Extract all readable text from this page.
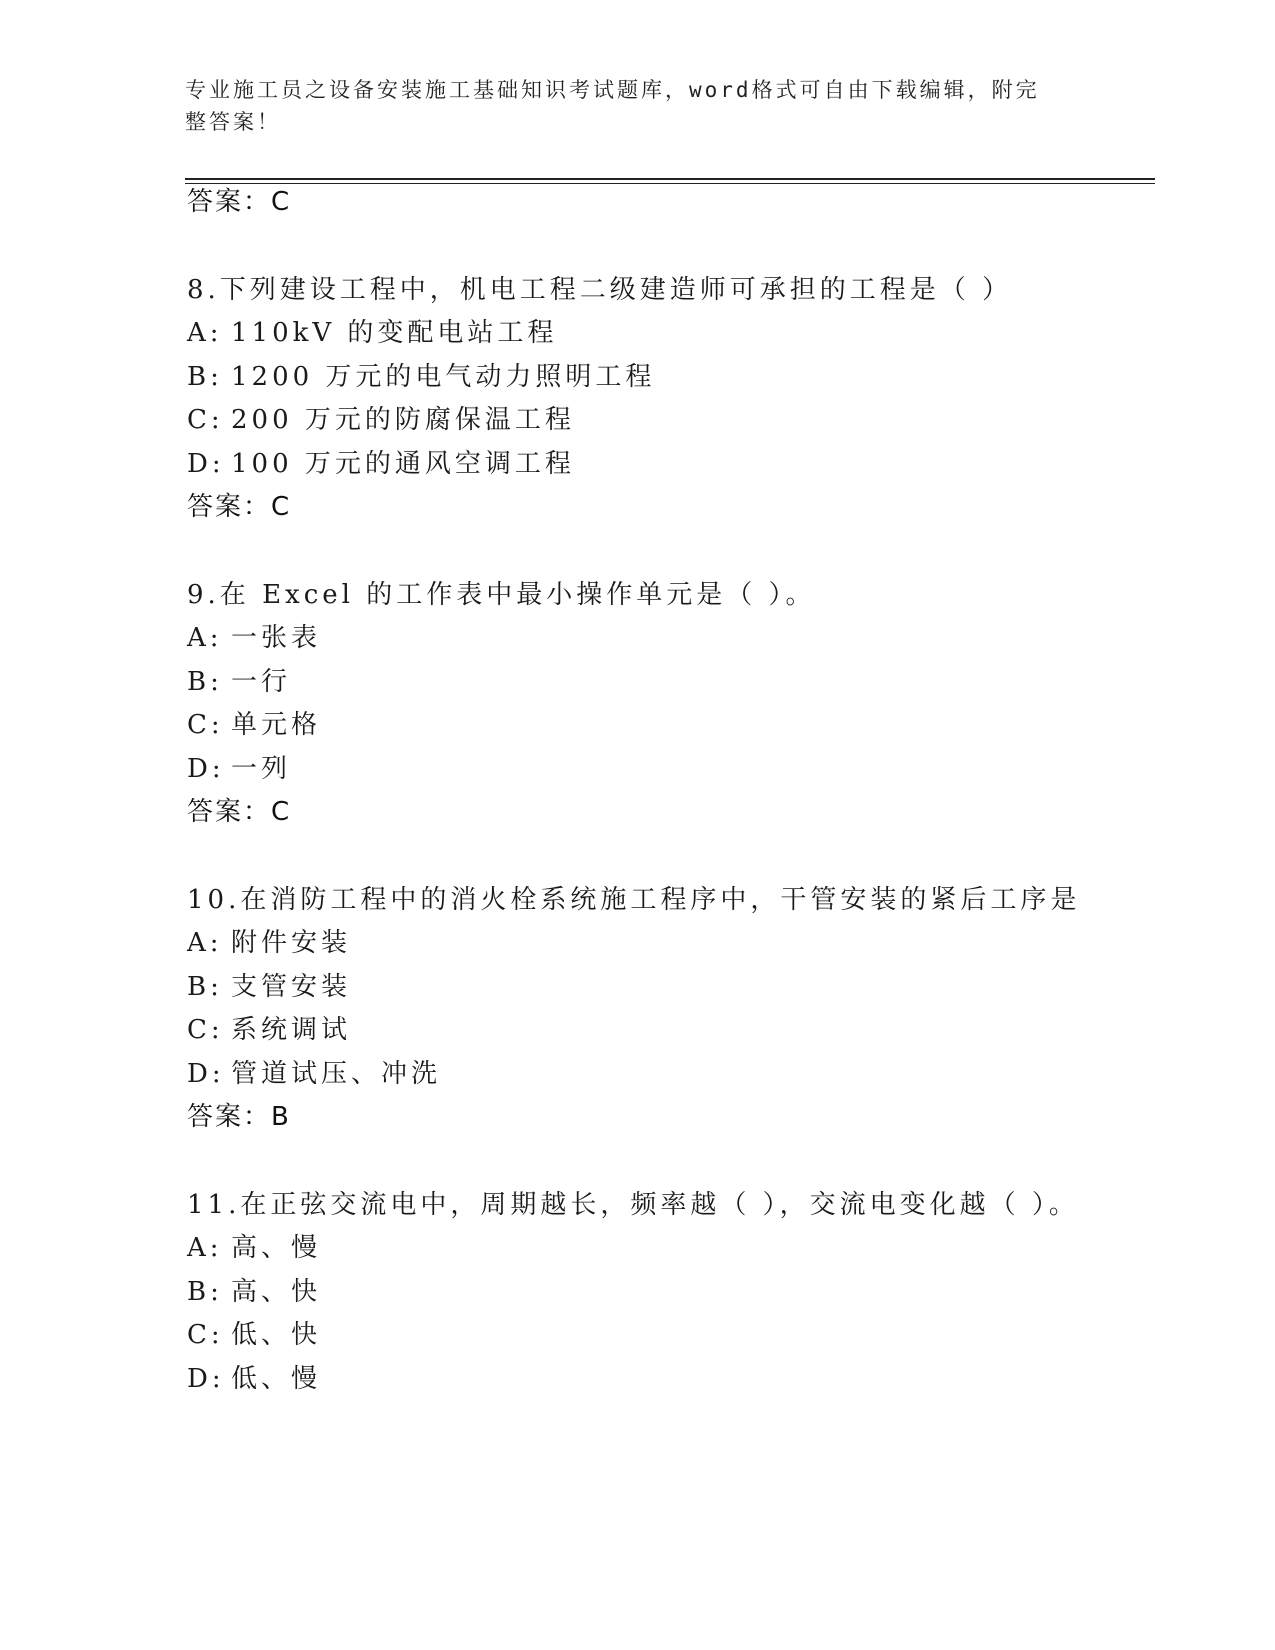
专业施工员之设备安装施工基础知识考试题库，word格式可自由下载编辑，附完
整答案！
答案：C
8.下列建设工程中，机电工程二级建造师可承担的工程是（ ）
A: 110kV 的变配电站工程
B: 1200 万元的电气动力照明工程
C: 200 万元的防腐保温工程
D: 100 万元的通风空调工程
答案：C
9.在 Excel 的工作表中最小操作单元是（ ）。
A: 一张表
B: 一行
C: 单元格
D: 一列
答案：C
10.在消防工程中的消火栓系统施工程序中，干管安装的紧后工序是
A: 附件安装
B: 支管安装
C: 系统调试
D: 管道试压、冲洗
答案：B
11.在正弦交流电中，周期越长，频率越（ ），交流电变化越（ ）。
A: 高、慢
B: 高、快
C: 低、快
D: 低、慢
